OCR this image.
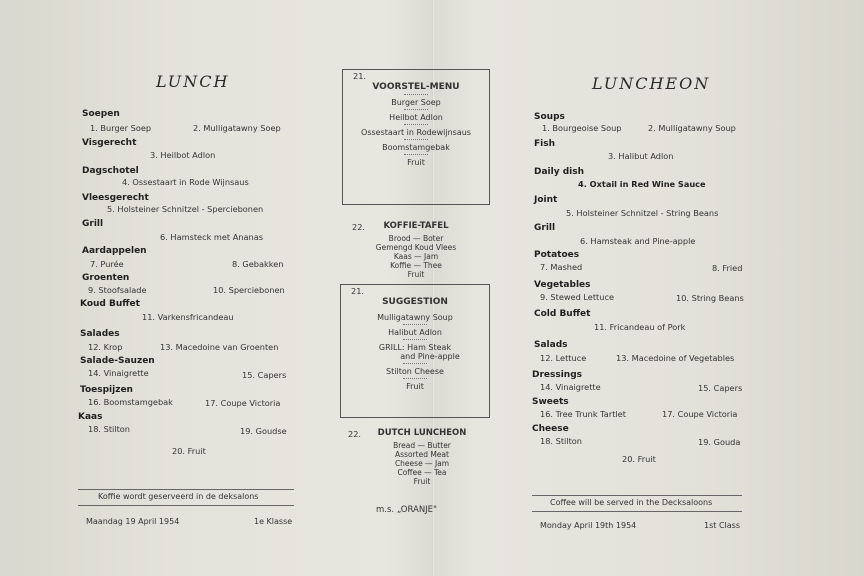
LUNCH
Soepen
1. Burger Soep	2. Mulligatawny Soep
Visgerecht
3. Heilbot Adlon
Dagschotel
4. Ossestaart in Rode Wijnsaus
Vleesgerecht
5. Holsteiner Schnitzel - Sperciebonen
Grill
6. Hamsteck met Ananas
Aardappelen
7. Purée	8. Gebakken
Groenten
9. Stoofsalade	10. Sperciebonen
Koud Buffet
11. Varkensfricandeau
Salades
12. Krop	13. Macedoine van Groenten
Salade-Sauzen
14. Vinaigrette	15. Capers
Toespijzen
16. Boomstamgebak	17. Coupe Victoria
Kaas
18. Stilton	19. Goudse
20. Fruit
Koffie wordt geserveerd in de deksalons
Maandag 19 April 1954	1e Klasse
21.
VOORSTEL-MENU
Burger Soep
Heilbot Adlon
Ossestaart in Rodewijnsaus
Boomstamgebak
Fruit
22.	KOFFIE-TAFEL
Brood — Boter
Gemengd Koud Vlees
Kaas — Jam
Koffie — Thee
Fruit
21.
SUGGESTION
Mulligatawny Soup
Halibut Adlon
GRILL: Ham Steak
and Pine-apple
Stilton Cheese
Fruit
22.	DUTCH LUNCHEON
Bread — Butter
Assorted Meat
Cheese — Jam
Coffee — Tea
Fruit
m.s. „ORANJE"
LUNCHEON
Soups
1. Bourgeoise Soup	2. Mulligatawny Soup
Fish
3. Halibut Adlon
Daily dish
4. Oxtail in Red Wine Sauce
Joint
5. Holsteiner Schnitzel - String Beans
Grill
6. Hamsteak and Pine-apple
Potatoes
7. Mashed	8. Fried
Vegetables
9. Stewed Lettuce	10. String Beans
Cold Buffet
11. Fricandeau of Pork
Salads
12. Lettuce	13. Macedoine of Vegetables
Dressings
14. Vinaigrette	15. Capers
Sweets
16. Tree Trunk Tartlet	17. Coupe Victoria
Cheese
18. Stilton	19. Gouda
20. Fruit
Coffee will be served in the Decksaloons
Monday April 19th 1954	1st Class
